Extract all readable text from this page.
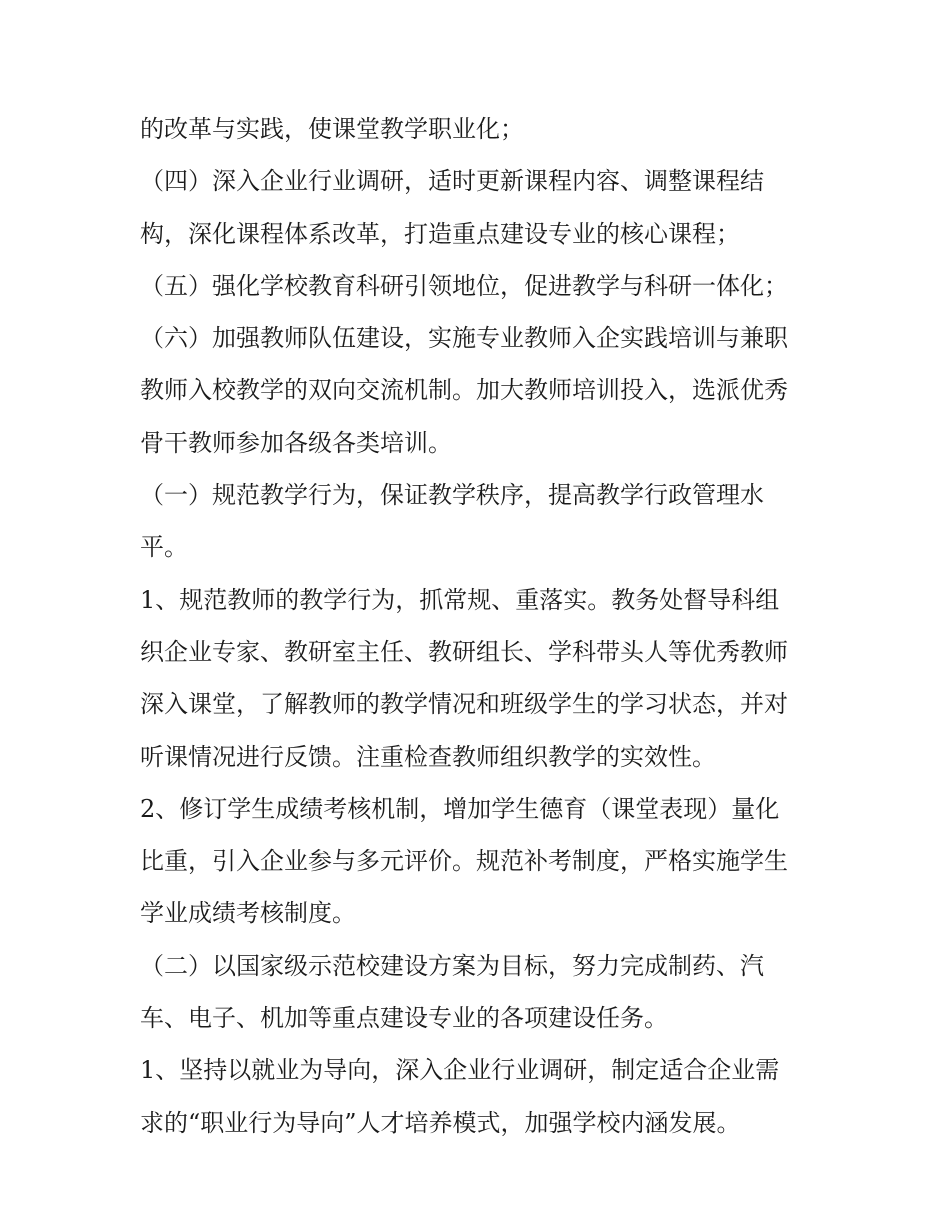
的改革与实践，使课堂教学职业化；
（四）深入企业行业调研，适时更新课程内容、调整课程结
构，深化课程体系改革，打造重点建设专业的核心课程；
（五）强化学校教育科研引领地位，促进教学与科研一体化；
（六）加强教师队伍建设，实施专业教师入企实践培训与兼职
教师入校教学的双向交流机制。加大教师培训投入，选派优秀
骨干教师参加各级各类培训。
（一）规范教学行为，保证教学秩序，提高教学行政管理水
平。
1、规范教师的教学行为，抓常规、重落实。教务处督导科组
织企业专家、教研室主任、教研组长、学科带头人等优秀教师
深入课堂，了解教师的教学情况和班级学生的学习状态，并对
听课情况进行反馈。注重检查教师组织教学的实效性。
2、修订学生成绩考核机制，增加学生德育（课堂表现）量化
比重，引入企业参与多元评价。规范补考制度，严格实施学生
学业成绩考核制度。
（二）以国家级示范校建设方案为目标，努力完成制药、汽
车、电子、机加等重点建设专业的各项建设任务。
1、坚持以就业为导向，深入企业行业调研，制定适合企业需
求的“职业行为导向”人才培养模式，加强学校内涵发展。
